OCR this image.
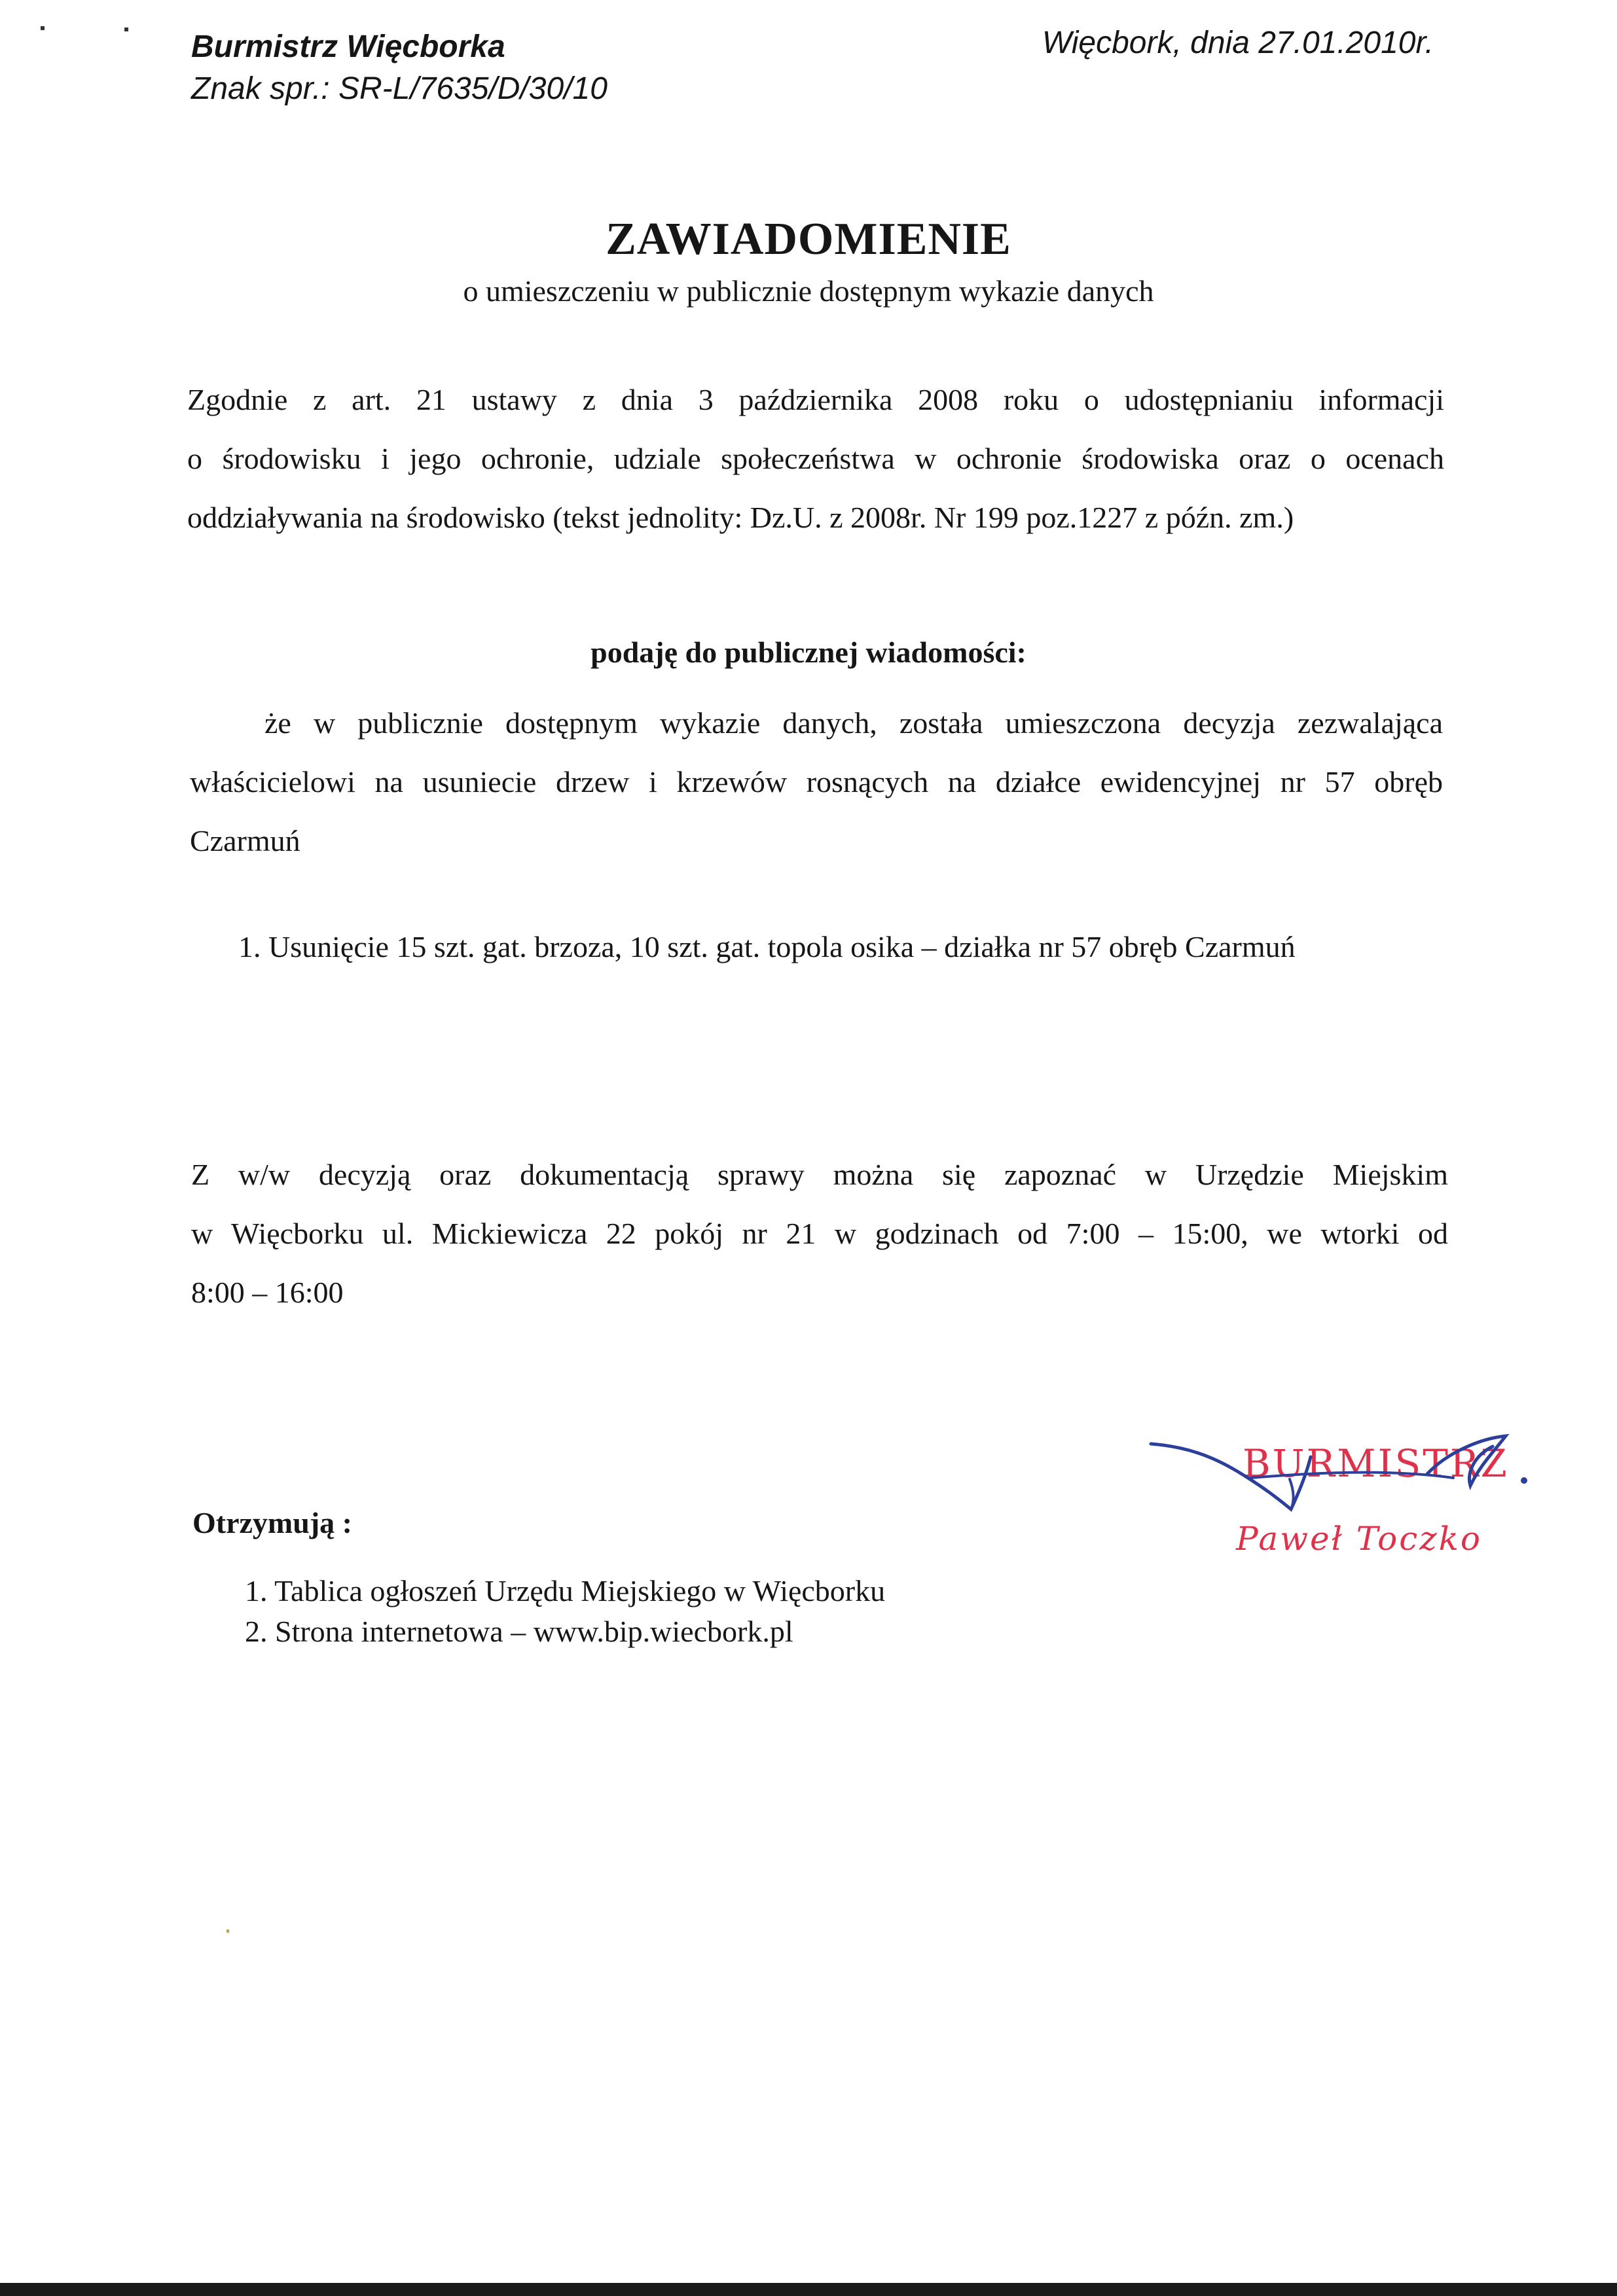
Burmistrz Więcborka
Znak spr.: SR-L/7635/D/30/10
Więcbork, dnia 27.01.2010r.
ZAWIADOMIENIE
o umieszczeniu w publicznie dostępnym wykazie danych
Zgodnie z art. 21 ustawy z dnia 3 października 2008 roku o udostępnianiu informacji
o środowisku i jego ochronie, udziale społeczeństwa w ochronie środowiska oraz o ocenach
oddziaływania na środowisko (tekst jednolity: Dz.U. z 2008r. Nr 199 poz.1227 z późn. zm.)
podaję do publicznej wiadomości:
że w publicznie dostępnym wykazie danych, została umieszczona decyzja zezwalająca
właścicielowi na usuniecie drzew i krzewów rosnących na działce ewidencyjnej nr 57 obręb
Czarmuń
1. Usunięcie 15 szt. gat. brzoza, 10 szt. gat. topola osika – działka nr 57 obręb Czarmuń
Z w/w decyzją oraz dokumentacją sprawy można się zapoznać w Urzędzie Miejskim
w Więcborku ul. Mickiewicza 22 pokój nr 21 w godzinach od 7:00 – 15:00, we wtorki od
8:00 – 16:00
BURMISTRZ
Paweł Toczko
Otrzymują :
1. Tablica ogłoszeń Urzędu Miejskiego w Więcborku
2. Strona internetowa – www.bip.wiecbork.pl
